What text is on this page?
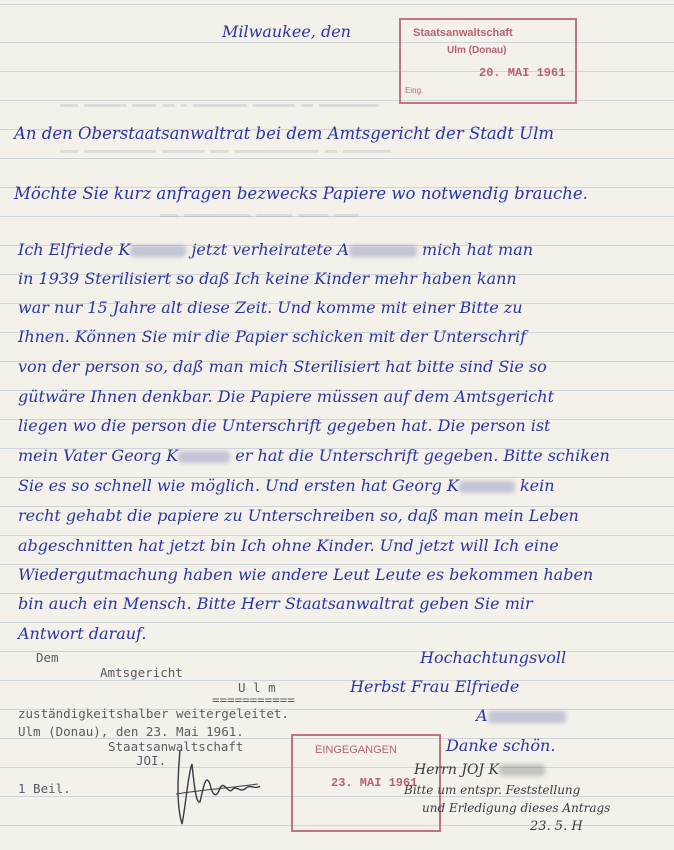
▬▬▬ ▬▬▬▬▬▬▬ ▬▬▬▬ ▬▬ ▬ ▬▬▬▬▬▬▬▬▬ ▬▬▬▬▬▬▬ ▬▬ ▬▬▬▬▬▬▬▬▬▬
▬▬▬ ▬▬▬▬▬▬▬▬▬▬▬▬ ▬▬▬▬▬▬▬ ▬▬▬ ▬▬▬▬▬▬▬▬▬▬▬▬▬▬ ▬▬ ▬▬▬▬▬▬▬▬
▬▬▬ ▬▬▬▬▬▬▬▬▬▬▬ ▬▬▬▬▬▬ ▬▬▬▬▬ ▬▬▬▬
Milwaukee, den	Staatsanwaltschaft
Ulm (Donau)
20. MAI 1961
Eing.
An den Oberstaatsanwaltrat bei dem Amtsgericht der Stadt Ulm
Möchte Sie kurz anfragen bezwecks Papiere wo notwendig brauche.
Ich Elfriede K	jetzt verheiratete A	mich hat man
in 1939 Sterilisiert so daß Ich keine Kinder mehr haben kann
war nur 15 Jahre alt diese Zeit. Und komme mit einer Bitte zu
Ihnen. Können Sie mir die Papier schicken mit der Unterschrif
von der person so, daß man mich Sterilisiert hat bitte sind Sie so
gütwäre Ihnen denkbar. Die Papiere müssen auf dem Amtsgericht
liegen wo die person die Unterschrift gegeben hat. Die person ist
mein Vater Georg K	er hat die Unterschrift gegeben. Bitte schiken
Sie es so schnell wie möglich. Und ersten hat Georg K	kein
recht gehabt die papiere zu Unterschreiben so, daß man mein Leben
abgeschnitten hat jetzt bin Ich ohne Kinder. Und jetzt will Ich eine
Wiedergutmachung haben wie andere Leut Leute es bekommen haben
bin auch ein Mensch. Bitte Herr Staatsanwaltrat geben Sie mir
Antwort darauf.
Hochachtungsvoll
Herbst Frau Elfriede
A
Danke schön.
Dem
Amtsgericht
U l m
===========
zuständigkeitshalber weitergeleitet.
Ulm (Donau), den 23. Mai 1961.
Staatsanwaltschaft
JOI.
1 Beil.
EINGEGANGEN
23. MAI 1961
Herrn JOJ K
Bitte um entspr. Feststellung
und Erledigung dieses Antrags
23. 5. H
